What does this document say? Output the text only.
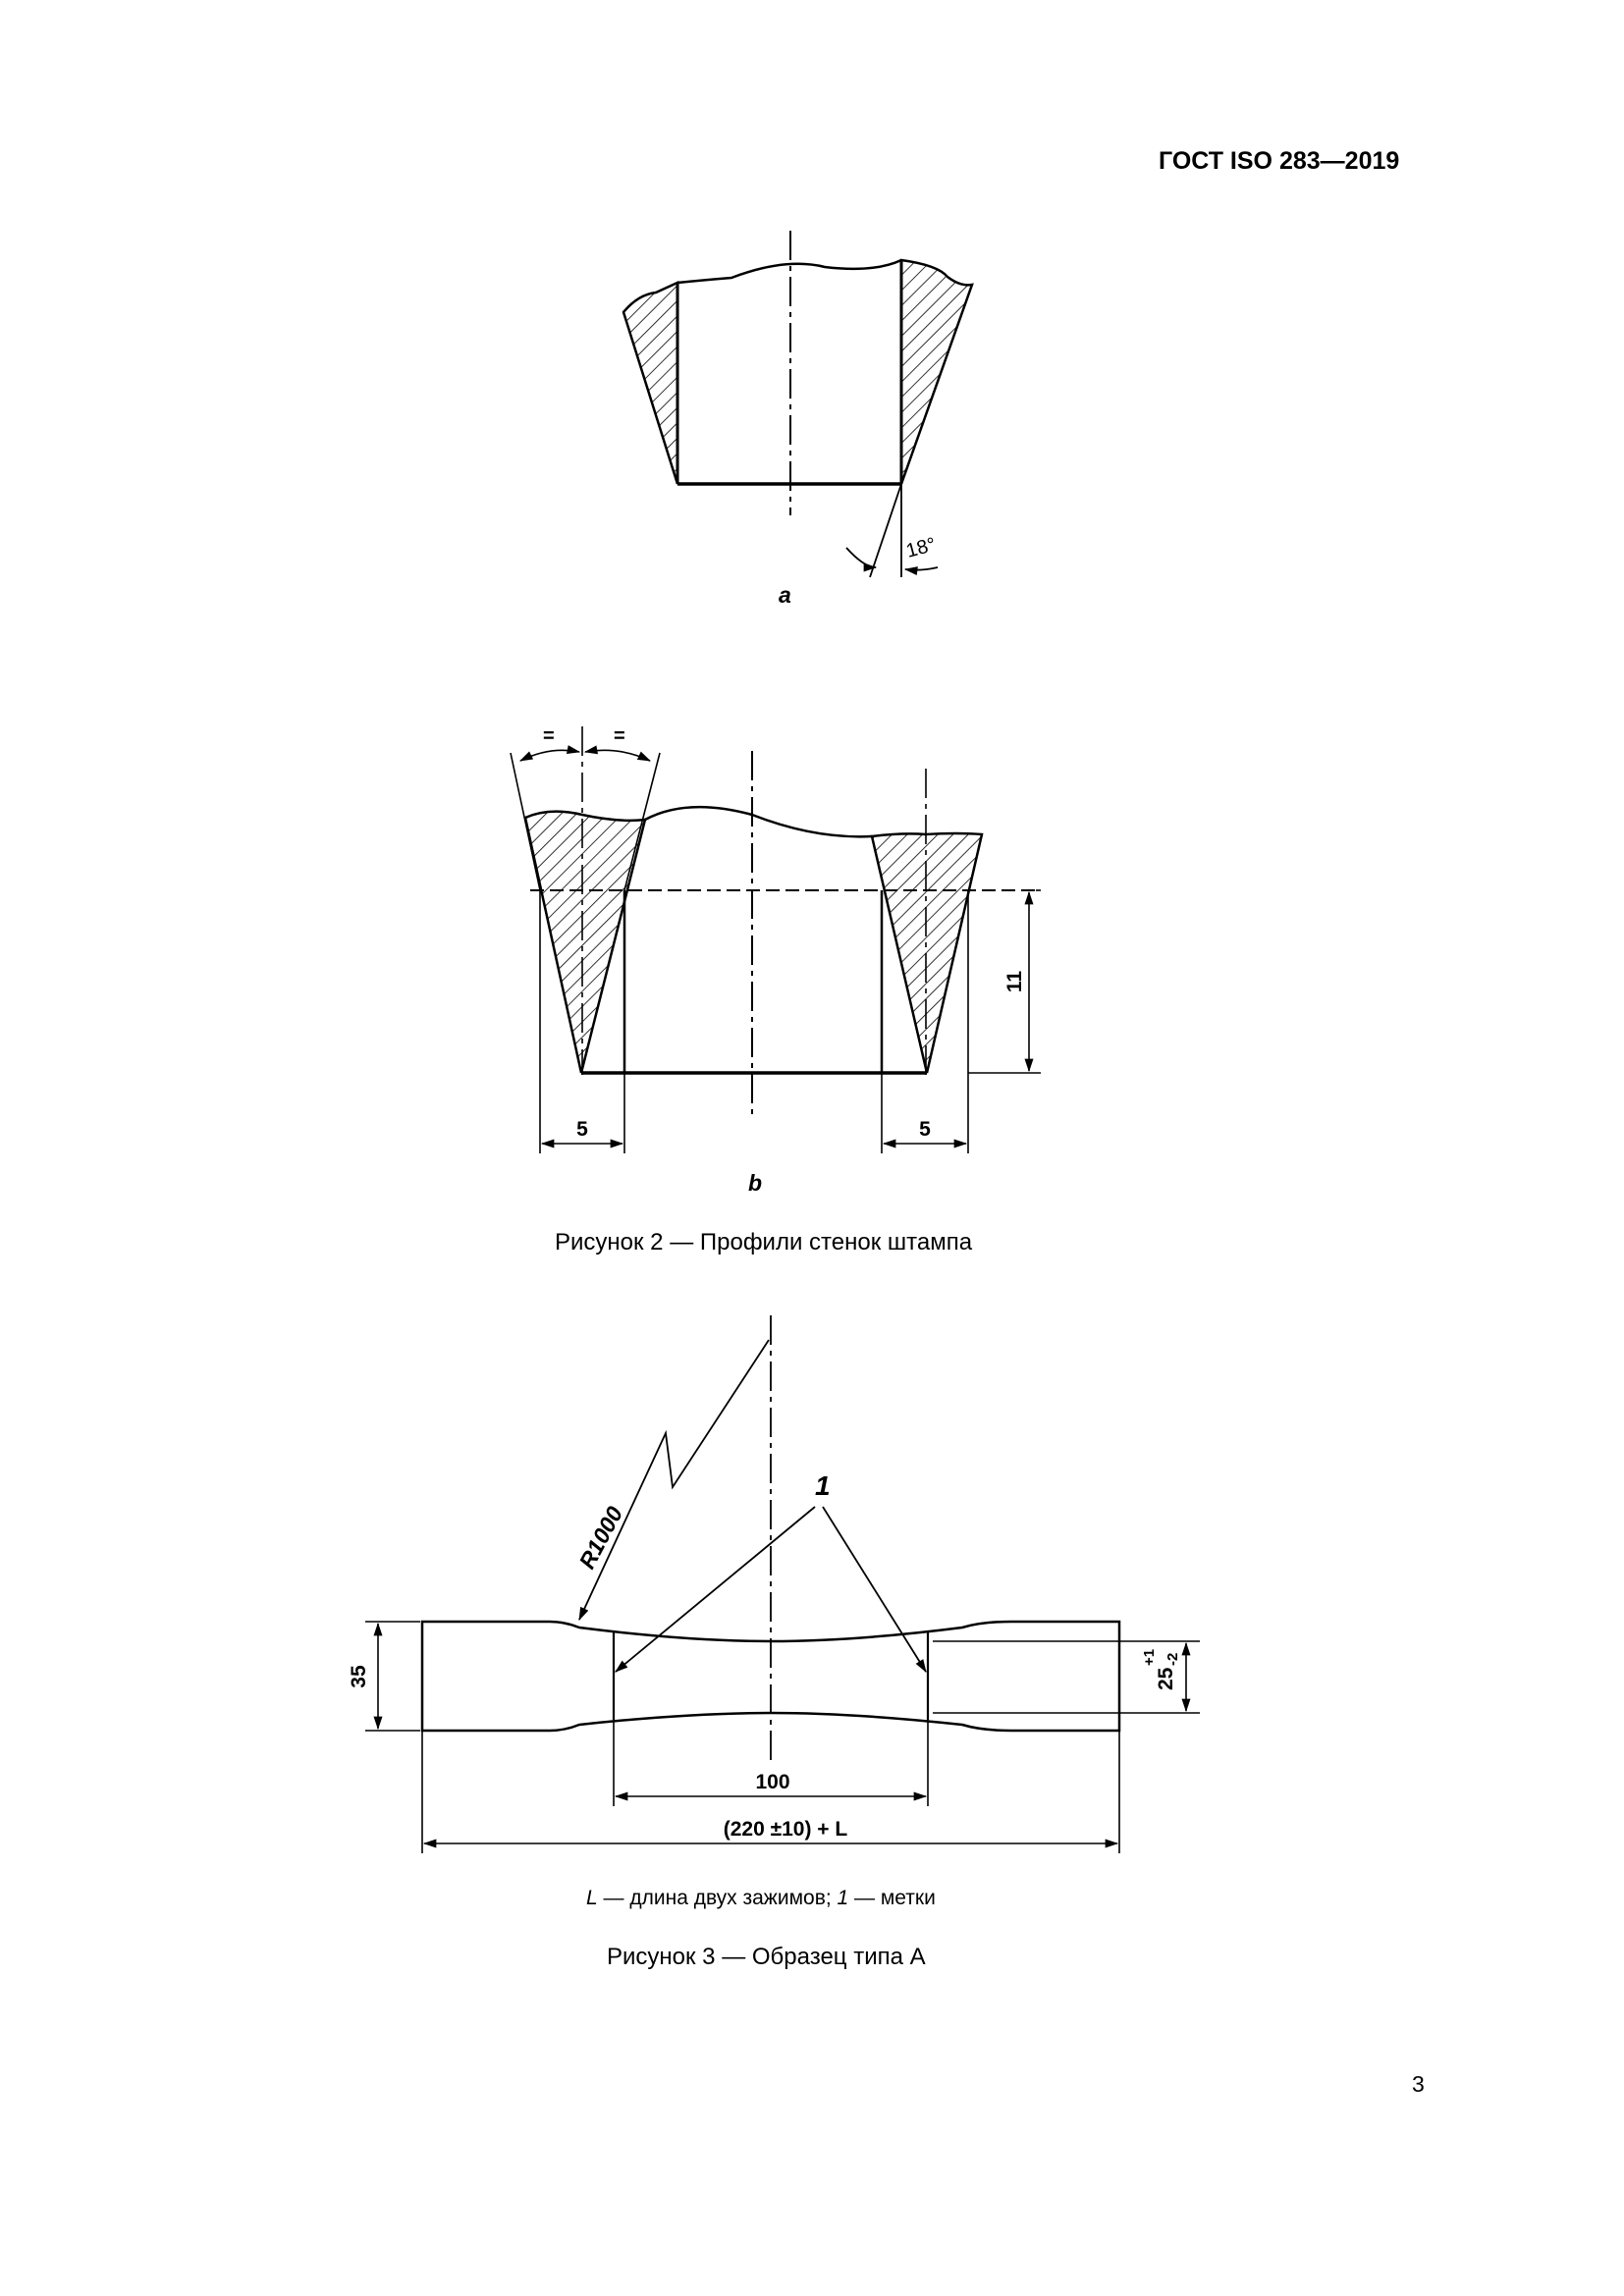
ГОСТ ISO 283—2019
18°
a
=	=
5	5
11
b
R1000
1
35	25
+1 -2
100
(220 ±10) + L
Рисунок 2 — Профили стенок штампа
L — длина двух зажимов; 1 — метки
Рисунок 3 — Образец типа А
3
